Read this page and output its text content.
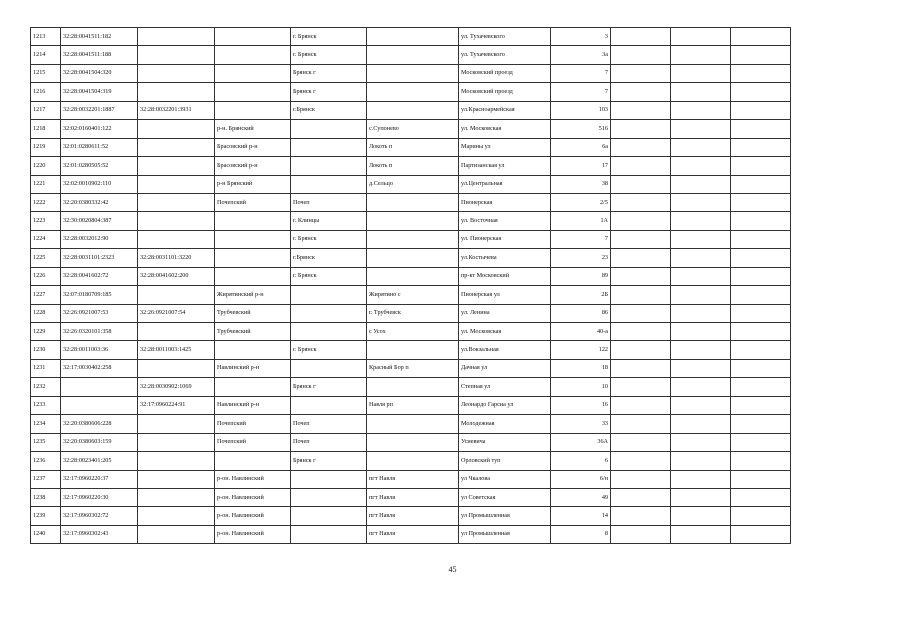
1213	32:28:0041511:182			г. Брянск		ул. Тухачевского	3			
1214	32:28:0041511:188			г. Брянск		ул. Тухачевского	3а			
1215	32:28:0041504:320			Брянск г		Московский проезд	7			
1216	32:28:0041504:319			Брянск г		Московский проезд	7			
1217	32:28:0032201:1887	32:28:0032201:3931		г.Брянск		ул.Красноармейская	103			
1218	32:02:0160401:122		р-н. Брянский		с.Супонево	ул. Московская	516			
1219	32:01:0280611:52		Брасовский р-н		Локоть п	Марины ул	6а			
1220	32:01:0280505:52		Брасовский р-н		Локоть п	Партизанская ул	17			
1221	32:02:0010902:110		р-н Брянский		д.Сельцо	ул.Центральная	38			
1222	32:20:0380332:42		Почепский	Почеп		Пионерская	2/5			
1223	32:30:0020804:387			г. Клинцы		ул. Восточная	1А			
1224	32:28:0032012:90			г. Брянск		ул. Пионерская	7			
1225	32:28:0031101:2323	32:28:0031101:3220		г.Брянск		ул.Костычева	23			
1226	32:28:0041602:72	32:28:0041602:200		г. Брянск		пр-кт Московский	89			
1227	32:07:0180709:185		Жирятинский р-н		Жирятино с	Пионерская ул	2Б			
1228	32:26:0921007:53	32:26:0921007:54	Трубчевский		г. Трубчевск	ул. Ленина	86			
1229	32:26:0320101:358		Трубчевский		с Усох	ул. Московская	40-а			
1230	32:28:0011003:36	32:28:0011003:1425		г. Брянск		ул.Вокзальная	122			
1231	32:17:0030402:258		Навлинский р-н		Красный Бор п	Дачная ул	18			
1232		32:28:0030902:1069		Брянск г		Степная ул	10			
1233		32:17:0960224:91	Навлинский р-н		Навля рп	Леонардо Гарсиа ул	16			
1234	32:20:0380606:228		Почепский	Почеп		Молодежная	33			
1235	32:20:0380603:159		Почепский	Почеп		Усиевича	36А			
1236	32:28:0023401:205			Брянск г		Орловский туп	6			
1237	32:17:0960220:37		р-он. Навлинский		пгт Навля	ул Чкалова	6/н			
1238	32:17:0960220:30		р-он. Навлинский		пгт Навля	ул Советская	49			
1239	32:17:0960302:72		р-он. Навлинский		пгт Навля	ул Промышленная	14			
1240	32:17:0960302:43		р-он. Навлинский		пгт Навля	ул Промышленная	8			
45
